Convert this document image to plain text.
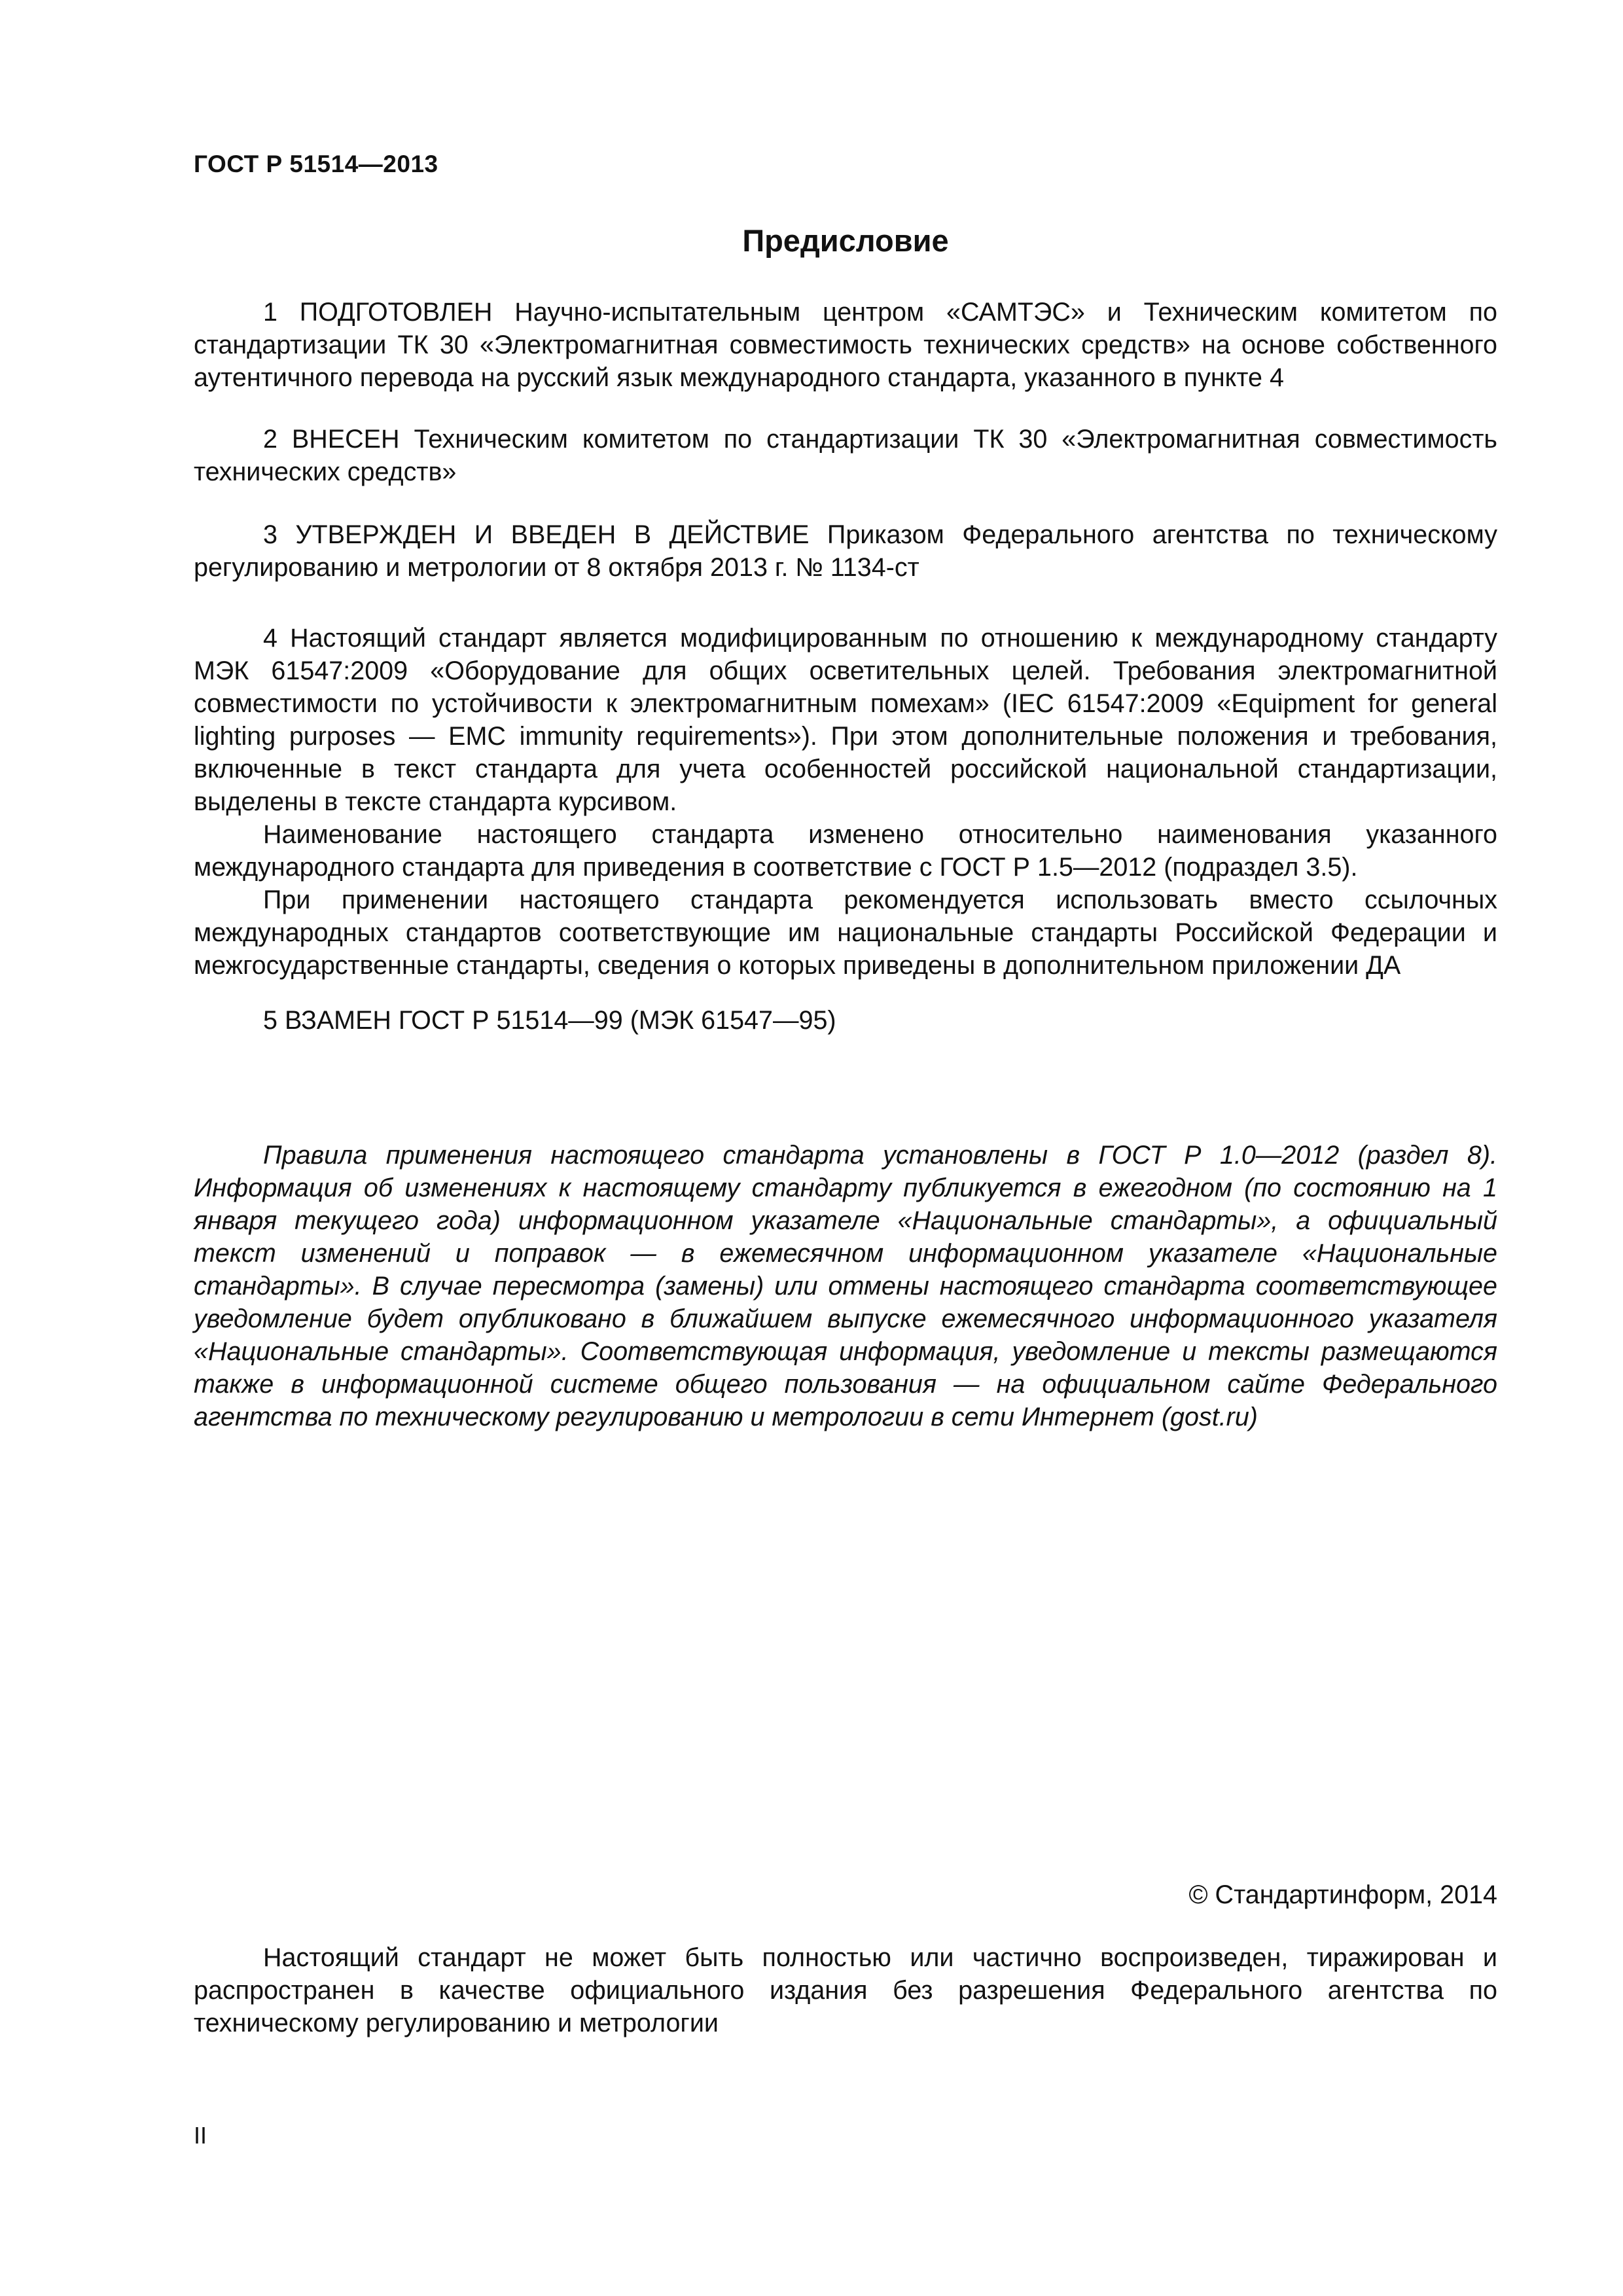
ГОСТ Р 51514—2013
Предисловие

1 ПОДГОТОВЛЕН Научно-испытательным центром «САМТЭС» и Техническим комитетом по стандартизации ТК 30 «Электромагнитная совместимость технических средств» на основе собственного аутентичного перевода на русский язык международного стандарта, указанного в пункте 4

2 ВНЕСЕН Техническим комитетом по стандартизации ТК 30 «Электромагнитная совместимость технических средств»

3 УТВЕРЖДЕН И ВВЕДЕН В ДЕЙСТВИЕ Приказом Федерального агентства по техническому регулированию и метрологии от 8 октября 2013 г. № 1134-ст

4 Настоящий стандарт является модифицированным по отношению к международному стандарту МЭК 61547:2009 «Оборудование для общих осветительных целей. Требования электромагнитной совместимости по устойчивости к электромагнитным помехам» (IEC 61547:2009 «Equipment for general lighting purposes — EMC immunity requirements»). При этом дополнительные положения и требования, включенные в текст стандарта для учета особенностей российской национальной стандартизации, выделены в тексте стандарта курсивом.

Наименование настоящего стандарта изменено относительно наименования указанного международного стандарта для приведения в соответствие с ГОСТ Р 1.5—2012 (подраздел 3.5).

При применении настоящего стандарта рекомендуется использовать вместо ссылочных международных стандартов соответствующие им национальные стандарты Российской Федерации и межгосударственные стандарты, сведения о которых приведены в дополнительном приложении ДА

5 ВЗАМЕН ГОСТ Р 51514—99 (МЭК 61547—95)

Правила применения настоящего стандарта установлены в ГОСТ Р 1.0—2012 (раздел 8). Информация об изменениях к настоящему стандарту публикуется в ежегодном (по состоянию на 1 января текущего года) информационном указателе «Национальные стандарты», а официальный текст изменений и поправок — в ежемесячном информационном указателе «Национальные стандарты». В случае пересмотра (замены) или отмены настоящего стандарта соответствующее уведомление будет опубликовано в ближайшем выпуске ежемесячного информационного указателя «Национальные стандарты». Соответствующая информация, уведомление и тексты размещаются также в информационной системе общего пользования — на официальном сайте Федерального агентства по техническому регулированию и метрологии в сети Интернет (gost.ru)

© Стандартинформ, 2014

Настоящий стандарт не может быть полностью или частично воспроизведен, тиражирован и распространен в качестве официального издания без разрешения Федерального агентства по техническому регулированию и метрологии

II
